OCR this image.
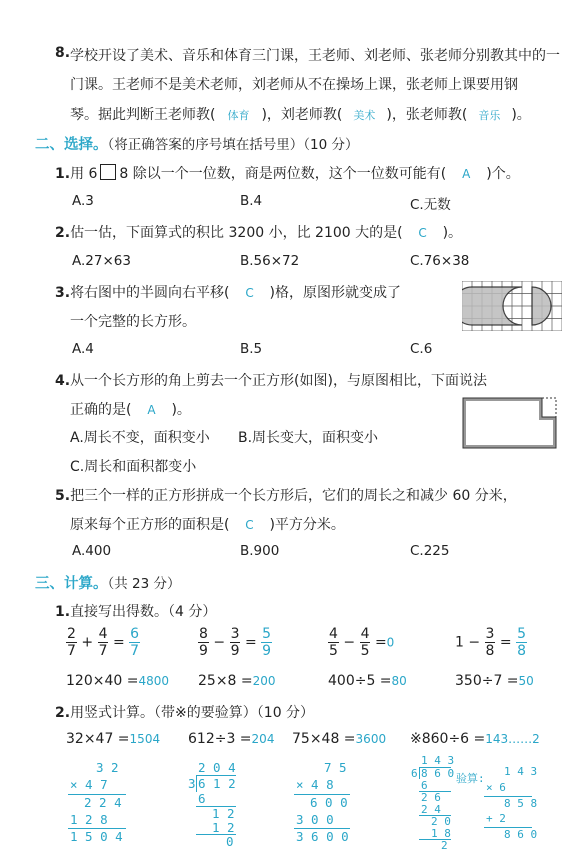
8. 学校开设了美术、音乐和体育三门课，王老师、刘老师、张老师分别教其中的一
门课。王老师不是美术老师，刘老师从不在操场上课，张老师上课要用钢
琴。据此判断王老师教( 体育 )，刘老师教( 美术 )，张老师教( 音乐 )。
二、选择。（将正确答案的序号填在括号里）（10 分）
1.用 6 8 除以一个一位数，商是两位数，这个一位数可能有( A )个。
A.3	B.4	C.无数
2.估一估，下面算式的积比 3200 小，比 2100 大的是( C )。
A.27×63	B.56×72	C.76×38
3.将右图中的半圆向右平移( C )格，原图形就变成了
一个完整的长方形。
A.4	B.5	C.6
4.从一个长方形的角上剪去一个正方形(如图)，与原图相比，下面说法
正确的是( A )。
A.周长不变，面积变小 B.周长变大，面积变小
C.周长和面积都变小
5.把三个一样的正方形拼成一个长方形后，它们的周长之和减少 60 分米，
原来每个正方形的面积是( C )平方分米。
A.400	B.900	C.225
三、计算。（共 23 分）
1.直接写出得数。（4 分）
$\frac{2}{7} + \frac{4}{7} = \frac{6}{7}$	$\frac{8}{9} - \frac{3}{9} = \frac{5}{9}$	$\frac{4}{5} - \frac{4}{5} =0$	$1 - \frac{3}{8} = \frac{5}{8}$
120×40 =4800 25×8 =200	400÷5 =80	350÷7 =50
2.用竖式计算。（带※的要验算）（10 分）
32×47 =1504 612÷3 =204 75×48 =3600 ※860÷6 =143……2
3 2
× 4 7
2 2 4
1 2 8
1 5 0 4
2 0 4
3 6 1 2
6
1 2
1 2
0
7 5
× 4 8
6 0 0
3 0 0
3 6 0 0
1 4 3
6 8 6 0
6
2 6
2 4
2 0
1 8
2
验算:
1 4 3
× 6
8 5 8
+ 2
8 6 0
